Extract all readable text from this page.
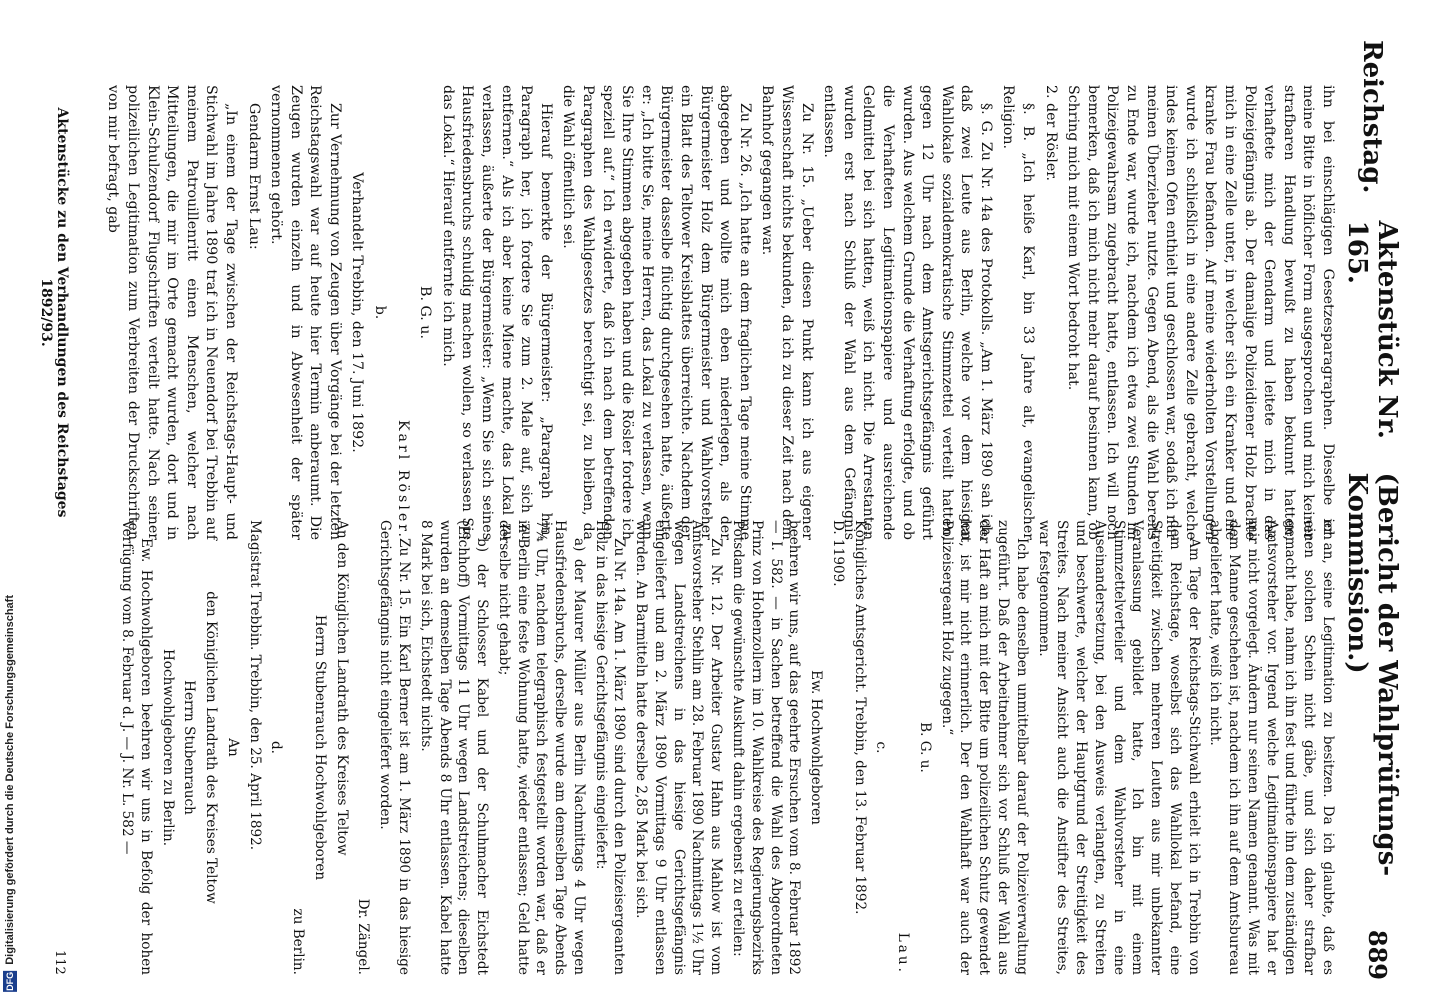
Reichstag.

Aktenstück Nr. 165.
(Bericht der Wahlprüfungs-Kommission.)
889

ihn bei einschlägigen Gesetzesparagraphen. Dieselbe ich meine Bitte in höflicher Form ausgesprochen und mich keiner strafbaren Handlung bewußt zu haben bekunnt hatten, verhaftete mich der Gendarm und leitete mich in das Polizeigefängnis ab. Der damalige Polizeidiener Holz brachte mich in eine Zelle unter, in welcher sich ein Kranker und eine kranke Frau befanden. Auf meine wiederholten Vorstellungen wurde ich schließlich in eine andere Zelle gebracht, welche indes keinen Ofen enthielt und geschlossen war, sodaß ich nur meinen Überzieher nutzte. Gegen Abend, als die Wahl bereits zu Ende war, wurde ich, nachdem ich etwa zwei Stunden im Polizeigewahrsam zugebracht hatte, entlassen. Ich will noch bemerken, daß ich mich nicht mehr darauf besinnen kann, ob Schring mich mit einem Wort bedroht hat.

2. der Rösler.

§. B. „Ich heiße Karl, bin 33 Jahre alt, evangelischer Religion.

§. G. Zu Nr. 14a des Protokolls. „Am 1. März 1890 sah ich, daß zwei Leute aus Berlin, welche vor dem hiesigen Wahllokale sozialdemokratische Stimmzettel verteilt hatten, gegen 12 Uhr nach dem Amtsgerichtsgefängnis geführt wurden. Aus welchem Grunde die Verhaftung erfolgte, und ob die Verhafteten Legitimationspapiere und ausreichende Geldmittel bei sich hatten, weiß ich nicht. Die Arrestanten wurden erst nach Schluß der Wahl aus dem Gefängnis entlassen.

Zu Nr. 15. „Ueber diesen Punkt kann ich aus eigener Wissenschaft nichts bekunden, da ich zu dieser Zeit nach dem Bahnhof gegangen war.

Zu Nr. 26. „Ich hatte an dem fraglichen Tage meine Stimme abgegeben und wollte mich eben niederlegen, als der Bürgermeister Holz dem Bürgermeister und Wahlvorsteher ein Blatt des Teltower Kreisblattes überreichte. Nachdem der Bürgermeister dasselbe flüchtig durchgesehen hatte, äußerte er: „Ich bitte Sie, meine Herren, das Lokal zu verlassen, wenn Sie Ihre Stimmen abgegeben haben und die Rösler fordere ich speziell auf.“ Ich erwiderte, daß ich nach dem betreffenden Paragraphen des Wahlgesetzes berechtigt sei, zu bleiben, da die Wahl öffentlich sei.

Hierauf bemerkte der Bürgermeister: „Paragraph hin, Paragraph her, ich fordere Sie zum 2. Male auf, sich zu entfernen.“ Als ich aber keine Miene machte, das Lokal zu verlassen, äußerte der Bürgermeister: „Wenn Sie sich seines Hausfriedensbruchs schuldig machen wollen, so verlassen Sie das Lokal.“ Hierauf entfernte ich mich.

B. G. u.

Karl Rösler.

b.

Verhandelt Trebbin, den 17. Juni 1892.

Zur Vernehmung von Zeugen über Vorgänge bei der letzten Reichstagswahl war auf heute hier Termin anberaumt. Die Zeugen wurden einzeln und in Abwesenheit der später vernommenen gehört.

Gendarm Ernst Lau:

„In einem der Tage zwischen der Reichstags-Haupt- und Stichwahl im Jahre 1890 traf ich in Neuendorf bei Trebbin auf meinem Patrouillenritt einen Menschen, welcher nach Mitteilungen, die mir im Orte gemacht wurden, dort und in Klein-Schulzendorf Flugschriften verteilt hatte. Nach seiner polizeilichen Legitimation zum Verbreiten der Druckschriften von mir befragt, gab

er an, seine Legitimation zu besitzen. Da ich glaubte, daß es einen solchen Schein nicht gäbe, und sich daher strafbar gemacht habe, nahm ich ihn fest und führte ihn dem zuständigen Amtsvorsteher vor. Irgend welche Legitimationspapiere hat er mir nicht vorgelegt. Ändern nur seinen Namen genannt. Was mit dem Manne geschehen ist, nachdem ich ihn auf dem Amtsbureau abgeliefert hatte, weiß ich nicht.

Am Tage der Reichstags-Stichwahl erhielt ich in Trebbin von dem Reichstage, woselbst sich das Wahllokal befand, eine Streitigkeit zwischen mehreren Leuten aus mir unbekannter Veranlassung gebildet hatte, Ich bin mit einem Stimmzettelverteiler und dem Wahlvorsteher in eine Auseinandersetzung, bei den Ausweis verlangten, zu Streiten und beschwerte, welcher der Hauptgrund der Streitigkeit des Streites. Nach meiner Ansicht auch die Anstifter des Streites, war festgenommen.

Ich habe denselben unmittelbar darauf der Polizeiverwaltung zugeführt. Daß der Arbeitnehmer sich vor Schluß der Wahl aus der Haft an mich mit der Bitte um polizeilichen Schutz gewendet hat, ist mir nicht erinnerlich. Der den Wahlhaft war auch der Polizeisergeant Holz zugegen.“

B. G. u.

Lau.

c.

Königliches Amtsgericht. Trebbin, den 13. Februar 1892.

D. 11909.

Ew. Hochwohlgeboren

beehren wir uns, auf das geehrte Ersuchen vom 8. Februar 1892 — I. 582. — in Sachen betreffend die Wahl des Abgeordneten Prinz von Hohenzollern im 10. Wahlkreise des Regierungsbezirks Potsdam die gewünschte Auskunft dahin ergebenst zu erteilen:

Zu Nr. 12. Der Arbeiter Gustav Hahn aus Mahlow ist vom Amtsvorsteher Stehlin am 28. Februar 1890 Nachmittags 1½ Uhr wegen Landstreichens in das hiesige Gerichtsgefängnis eingeliefert und am 2. März 1890 Vormittags 9 Uhr entlassen worden. An Barmitteln hatte derselbe 2,85 Mark bei sich.

Zu Nr. 14a. Am 1. März 1890 sind durch den Polizeisergeanten Holz in das hiesige Gerichtsgefängnis eingeliefert:

a) der Maurer Müller aus Berlin Nachmittags 4 Uhr wegen Hausfriedensbruchs, derselbe wurde am demselben Tage Abends 7¼ Uhr, nachdem telegraphisch festgestellt worden war, daß er in Berlin eine feste Wohnung hatte, wieder entlassen; Geld hatte derselbe nicht gehabt;

b) der Schlosser Kabel und der Schuhmacher Eichstedt (Eichhoff) Vormittags 11 Uhr wegen Landstreichens; dieselben wurden an demselben Tage Abends 8 Uhr entlassen. Kabel hatte 8 Mark bei sich, Eichstedt nichts.

Zu Nr. 15. Ein Karl Berner ist am 1. März 1890 in das hiesige Gerichtsgefängnis nicht eingeliefert worden.

Dr. Zängel.

An den Königlichen Landrath des Kreises Teltow

Herrn Stubenrauch Hochwohlgeboren

zu Berlin.

d.

Magistrat Trebbin. Trebbin, den 25. April 1892.

An

den Königlichen Landrath des Kreises Teltow

Herrn Stubenrauch

Hochwohlgeboren zu Berlin.

Ew. Hochwohlgeboren beehren wir uns in Befolg der hohen Verfügung vom 8. Februar d. J. — J. Nr. L. 582 —

Aktenstücke zu den Verhandlungen des Reichstages 1892/93.
112
DFG Digitalisierung gefördert durch die Deutsche Forschungsgemeinschaft
